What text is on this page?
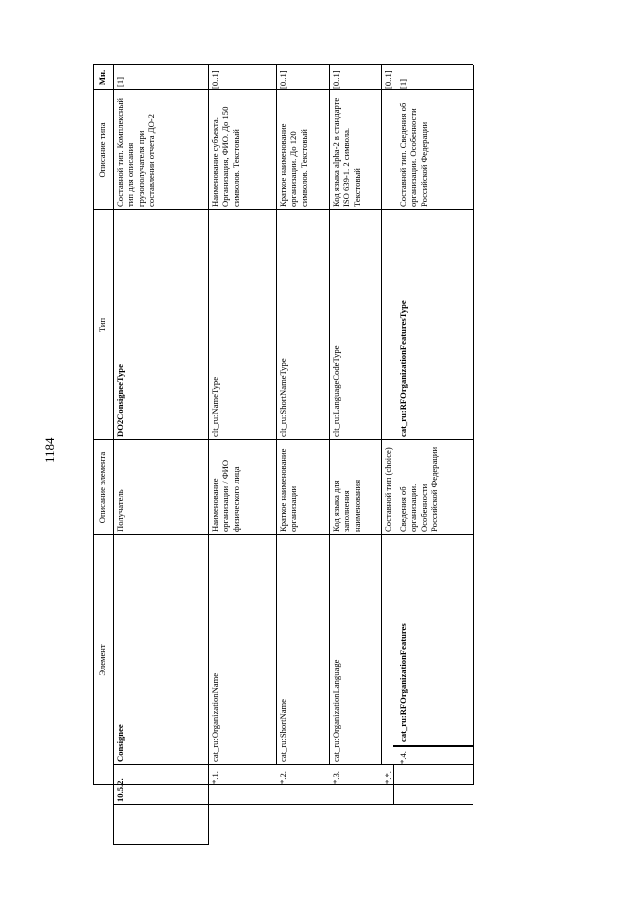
1184
Элемент
Описание элемента
Тип
Описание типа
Мн.
10.5.2.
Consignee
Получатель
DO2ConsigneeType
Составной тип. Комплексный тип для описания грузополучателя при составлении отчета ДО-2
[1]
*.1.
cat_ru:OrganizationName
Наименование организации / ФИО физического лица
clt_ru:NameType
Наименование субъекта. Организация, ФИО. До 150 символов. Текстовый
[0..1]
*.2.
cat_ru:ShortName
Краткое наименование организации
clt_ru:ShortNameType
Краткое наименование организации. До 120 символов. Текстовый
[0..1]
*.3.
cat_ru:OrganizationLanguage
Код языка для заполнения наименования
clt_ru:LanguageCodeType
Код языка alpha-2 в стандарте ISO 639-1. 2 символа. Текстовый
[0..1]
*.*.
Составной тип (choice)
[0..1]
*.4.
cat_ru:RFOrganizationFeatures
Сведения об организации. Особенности Российской Федерации
cat_ru:RFOrganizationFeaturesType
Составной тип. Сведения об организации. Особенности Российской Федерации
[1]
